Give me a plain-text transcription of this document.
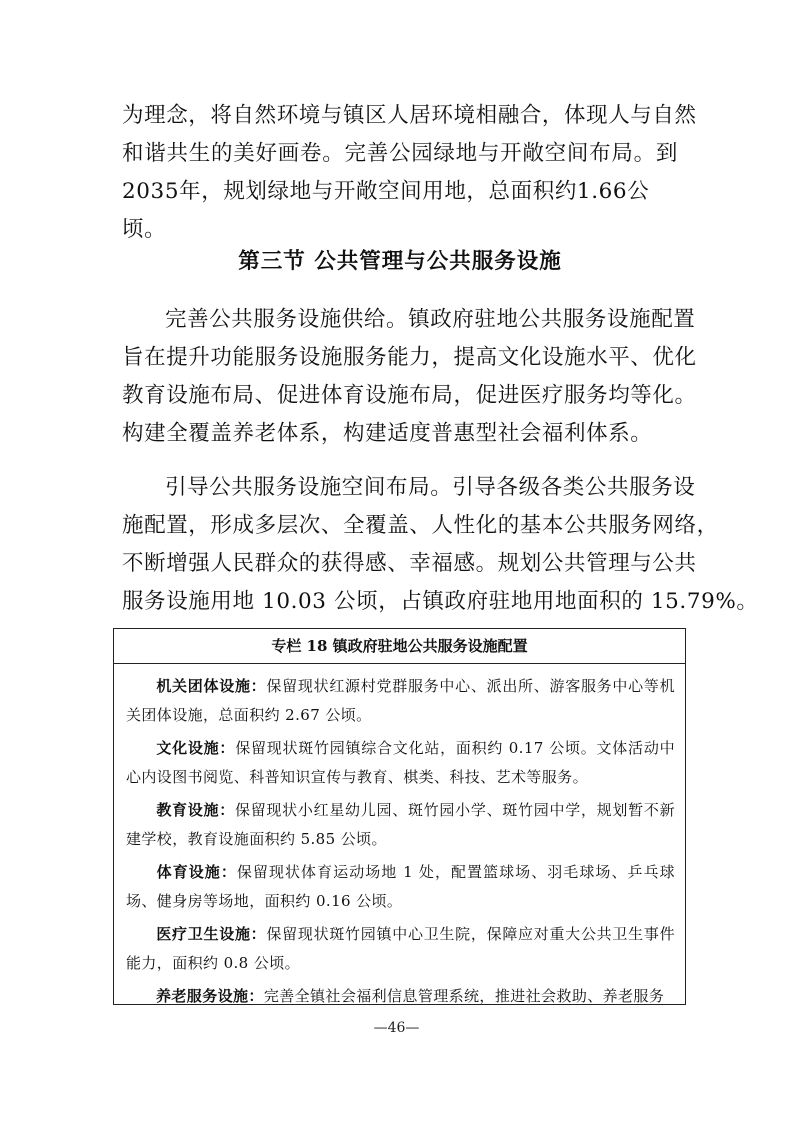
为理念，将自然环境与镇区人居环境相融合，体现人与自然
和谐共生的美好画卷。完善公园绿地与开敞空间布局。到
2035年，规划绿地与开敞空间用地，总面积约1.66公顷。
第三节 公共管理与公共服务设施
完善公共服务设施供给。镇政府驻地公共服务设施配置
旨在提升功能服务设施服务能力，提高文化设施水平、优化
教育设施布局、促进体育设施布局，促进医疗服务均等化。
构建全覆盖养老体系，构建适度普惠型社会福利体系。
引导公共服务设施空间布局。引导各级各类公共服务设
施配置，形成多层次、全覆盖、人性化的基本公共服务网络，
不断增强人民群众的获得感、幸福感。规划公共管理与公共
服务设施用地 10.03 公顷，占镇政府驻地用地面积的 15.79%。
专栏 18 镇政府驻地公共服务设施配置
机关团体设施：保留现状红源村党群服务中心、派出所、游客服务中心等机关团体设施，总面积约 2.67 公顷。
文化设施：保留现状斑竹园镇综合文化站，面积约 0.17 公顷。文体活动中心内设图书阅览、科普知识宣传与教育、棋类、科技、艺术等服务。
教育设施：保留现状小红星幼儿园、斑竹园小学、斑竹园中学，规划暂不新建学校，教育设施面积约 5.85 公顷。
体育设施：保留现状体育运动场地 1 处，配置篮球场、羽毛球场、乒乓球场、健身房等场地，面积约 0.16 公顷。
医疗卫生设施：保留现状斑竹园镇中心卫生院，保障应对重大公共卫生事件能力，面积约 0.8 公顷。
养老服务设施：完善全镇社会福利信息管理系统，推进社会救助、养老服务
—46—
